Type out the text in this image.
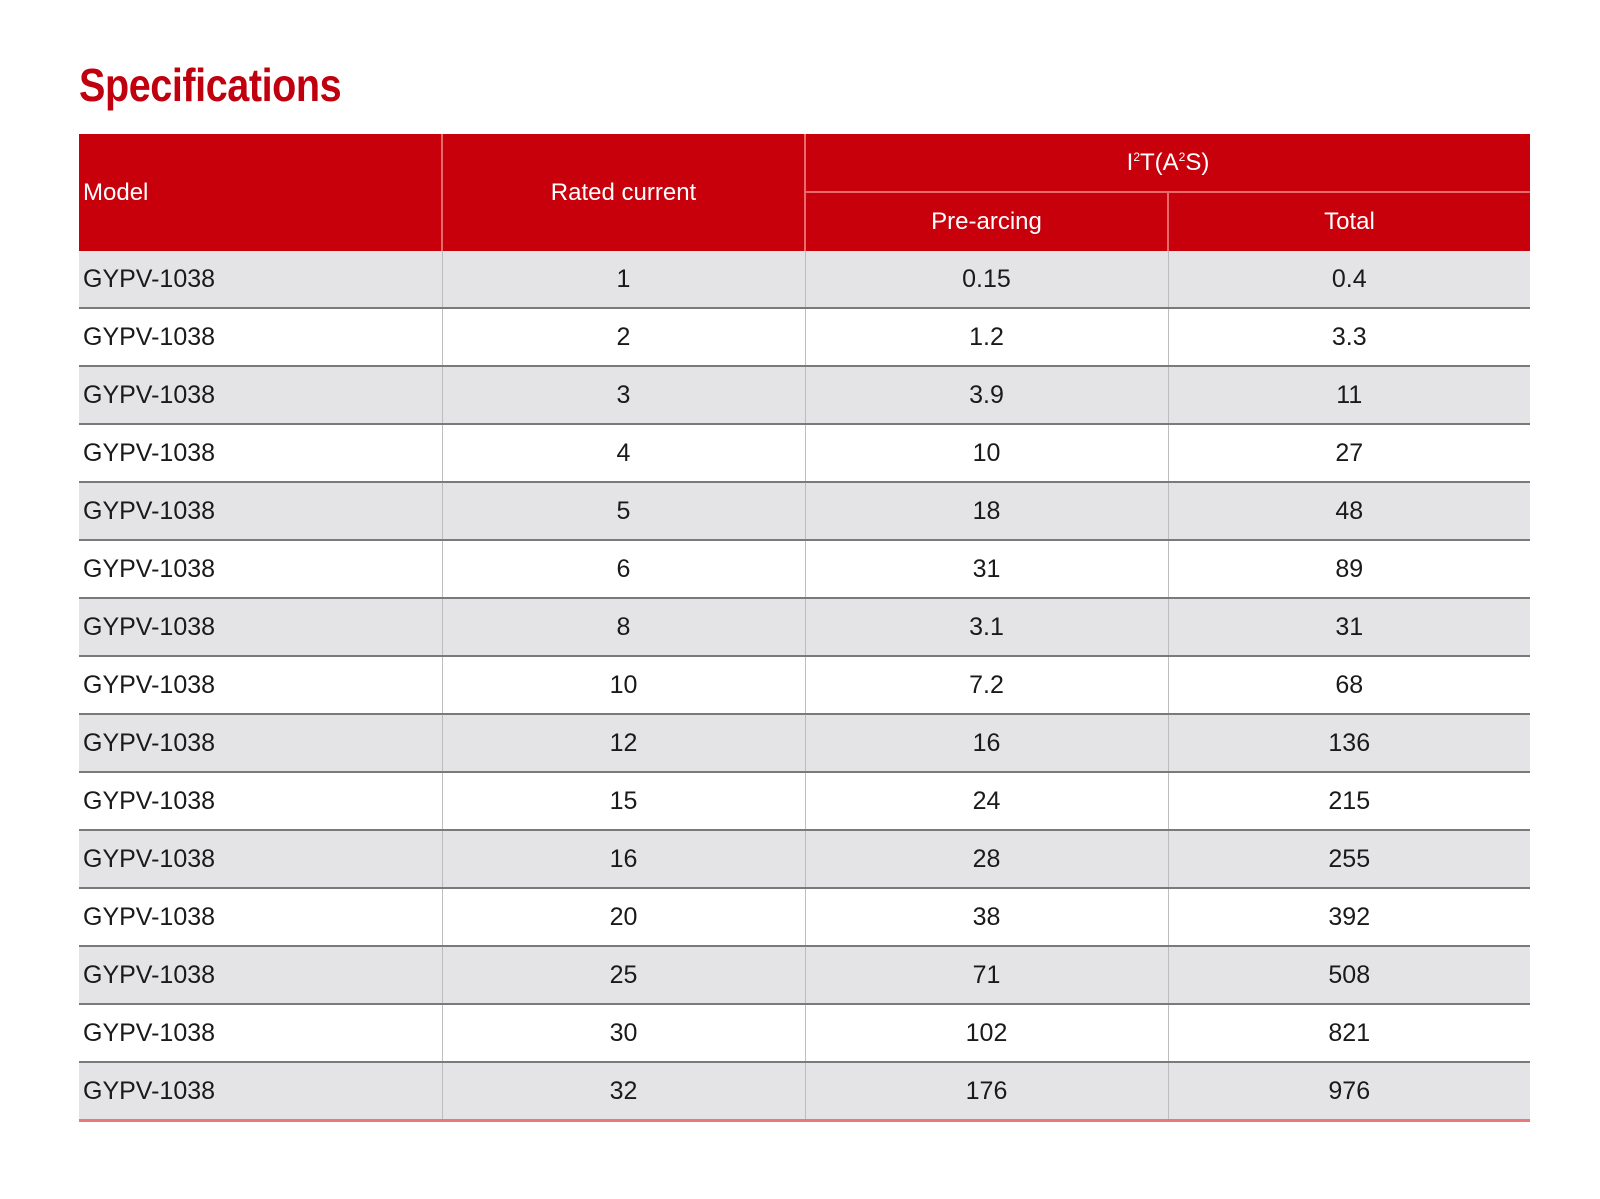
Specifications
Model	Rated current	$I^2T(A^2S)$	
		Pre-arcing	Total
GYPV-1038	1	0.15	0.4
GYPV-1038	2	1.2	3.3
GYPV-1038	3	3.9	11
GYPV-1038	4	10	27
GYPV-1038	5	18	48
GYPV-1038	6	31	89
GYPV-1038	8	3.1	31
GYPV-1038	10	7.2	68
GYPV-1038	12	16	136
GYPV-1038	15	24	215
GYPV-1038	16	28	255
GYPV-1038	20	38	392
GYPV-1038	25	71	508
GYPV-1038	30	102	821
GYPV-1038	32	176	976
